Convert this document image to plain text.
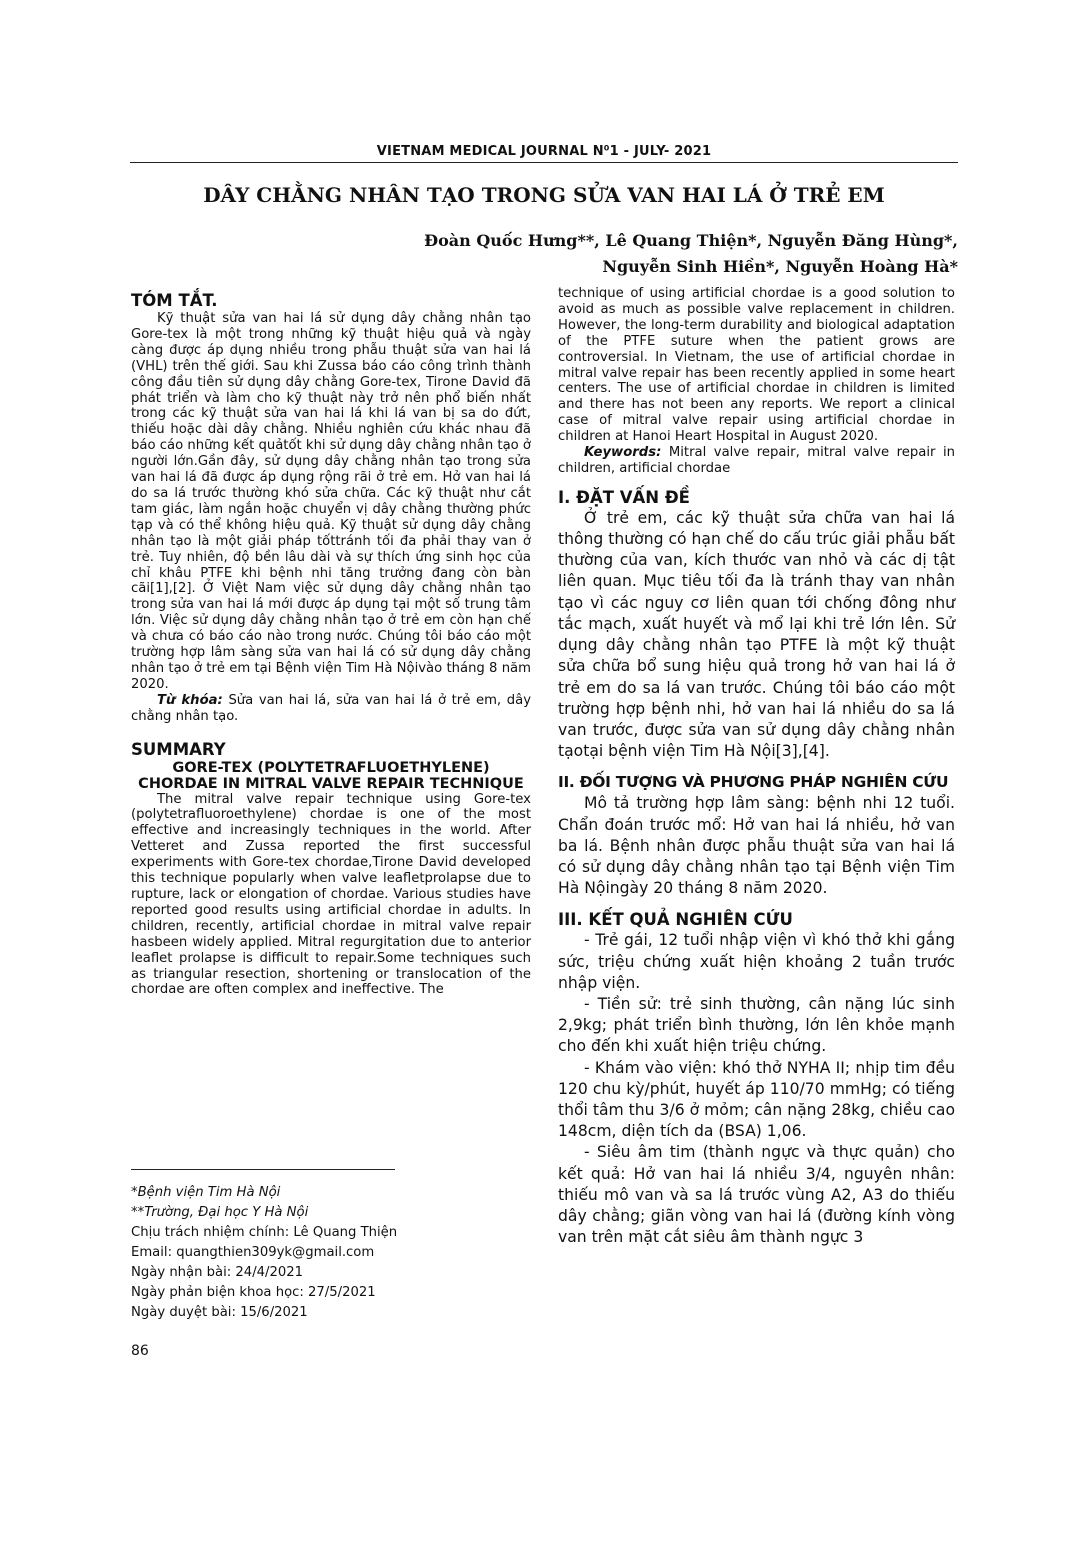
VIETNAM MEDICAL JOURNAL N⁰1 - JULY- 2021
DÂY CHẰNG NHÂN TẠO TRONG SỬA VAN HAI LÁ Ở TRẺ EM
Đoàn Quốc Hưng**, Lê Quang Thiện*, Nguyễn Đăng Hùng*,
Nguyễn Sinh Hiền*, Nguyễn Hoàng Hà*
TÓM TẮT.

Kỹ thuật sửa van hai lá sử dụng dây chằng nhân tạo Gore-tex là một trong những kỹ thuật hiệu quả và ngày càng được áp dụng nhiều trong phẫu thuật sửa van hai lá (VHL) trên thế giới. Sau khi Zussa báo cáo công trình thành công đầu tiên sử dụng dây chằng Gore-tex, Tirone David đã phát triển và làm cho kỹ thuật này trở nên phổ biến nhất trong các kỹ thuật sửa van hai lá khi lá van bị sa do đứt, thiếu hoặc dài dây chằng. Nhiều nghiên cứu khác nhau đã báo cáo những kết quảtốt khi sử dụng dây chằng nhân tạo ở người lớn.Gần đây, sử dụng dây chằng nhân tạo trong sửa van hai lá đã được áp dụng rộng rãi ở trẻ em. Hở van hai lá do sa lá trước thường khó sửa chữa. Các kỹ thuật như cắt tam giác, làm ngắn hoặc chuyển vị dây chằng thường phức tạp và có thể không hiệu quả. Kỹ thuật sử dụng dây chằng nhân tạo là một giải pháp tốttránh tối đa phải thay van ở trẻ. Tuy nhiên, độ bền lâu dài và sự thích ứng sinh học của chỉ khâu PTFE khi bệnh nhi tăng trưởng đang còn bàn cãi[1],[2]. Ở Việt Nam việc sử dụng dây chằng nhân tạo trong sửa van hai lá mới được áp dụng tại một số trung tâm lớn. Việc sử dụng dây chằng nhân tạo ở trẻ em còn hạn chế và chưa có báo cáo nào trong nước. Chúng tôi báo cáo một trường hợp lâm sàng sửa van hai lá có sử dụng dây chằng nhân tạo ở trẻ em tại Bệnh viện Tim Hà Nộivào tháng 8 năm 2020.

Từ khóa: Sửa van hai lá, sửa van hai lá ở trẻ em, dây chằng nhân tạo.

SUMMARY
GORE-TEX (POLYTETRAFLUOETHYLENE) CHORDAE IN MITRAL VALVE REPAIR TECHNIQUE

The mitral valve repair technique using Gore-tex (polytetrafluoroethylene) chordae is one of the most effective and increasingly techniques in the world. After Vetteret and Zussa reported the first successful experiments with Gore-tex chordae,Tirone David developed this technique popularly when valve leafletprolapse due to rupture, lack or elongation of chordae. Various studies have reported good results using artificial chordae in adults. In children, recently, artificial chordae in mitral valve repair hasbeen widely applied. Mitral regurgitation due to anterior leaflet prolapse is difficult to repair.Some techniques such as triangular resection, shortening or translocation of the chordae are often complex and ineffective. The

*Bệnh viện Tim Hà Nội
**Trường, Đại học Y Hà Nội
Chịu trách nhiệm chính: Lê Quang Thiện
Email: quangthien309yk@gmail.com
Ngày nhận bài: 24/4/2021
Ngày phản biện khoa học: 27/5/2021
Ngày duyệt bài: 15/6/2021
86

technique of using artificial chordae is a good solution to avoid as much as possible valve replacement in children. However, the long-term durability and biological adaptation of the PTFE suture when the patient grows are controversial. In Vietnam, the use of artificial chordae in mitral valve repair has been recently applied in some heart centers. The use of artificial chordae in children is limited and there has not been any reports. We report a clinical case of mitral valve repair using artificial chordae in children at Hanoi Heart Hospital in August 2020.

Keywords: Mitral valve repair, mitral valve repair in children, artificial chordae

I. ĐẶT VẤN ĐỀ

Ở trẻ em, các kỹ thuật sửa chữa van hai lá thông thường có hạn chế do cấu trúc giải phẫu bất thường của van, kích thước van nhỏ và các dị tật liên quan. Mục tiêu tối đa là tránh thay van nhân tạo vì các nguy cơ liên quan tới chống đông như tắc mạch, xuất huyết và mổ lại khi trẻ lớn lên. Sử dụng dây chằng nhân tạo PTFE là một kỹ thuật sửa chữa bổ sung hiệu quả trong hở van hai lá ở trẻ em do sa lá van trước. Chúng tôi báo cáo một trường hợp bệnh nhi, hở van hai lá nhiều do sa lá van trước, được sửa van sử dụng dây chằng nhân tạotại bệnh viện Tim Hà Nội[3],[4].

II. ĐỐI TƯỢNG VÀ PHƯƠNG PHÁP NGHIÊN CỨU

Mô tả trường hợp lâm sàng: bệnh nhi 12 tuổi. Chẩn đoán trước mổ: Hở van hai lá nhiều, hở van ba lá. Bệnh nhân được phẫu thuật sửa van hai lá có sử dụng dây chằng nhân tạo tại Bệnh viện Tim Hà Nộingày 20 tháng 8 năm 2020.

III. KẾT QUẢ NGHIÊN CỨU

- Trẻ gái, 12 tuổi nhập viện vì khó thở khi gắng sức, triệu chứng xuất hiện khoảng 2 tuần trước nhập viện.

- Tiền sử: trẻ sinh thường, cân nặng lúc sinh 2,9kg; phát triển bình thường, lớn lên khỏe mạnh cho đến khi xuất hiện triệu chứng.

- Khám vào viện: khó thở NYHA II; nhịp tim đều 120 chu kỳ/phút, huyết áp 110/70 mmHg; có tiếng thổi tâm thu 3/6 ở mỏm; cân nặng 28kg, chiều cao 148cm, diện tích da (BSA) 1,06.

- Siêu âm tim (thành ngực và thực quản) cho kết quả: Hở van hai lá nhiều 3/4, nguyên nhân: thiếu mô van và sa lá trước vùng A2, A3 do thiếu dây chằng; giãn vòng van hai lá (đường kính vòng van trên mặt cắt siêu âm thành ngực 3
